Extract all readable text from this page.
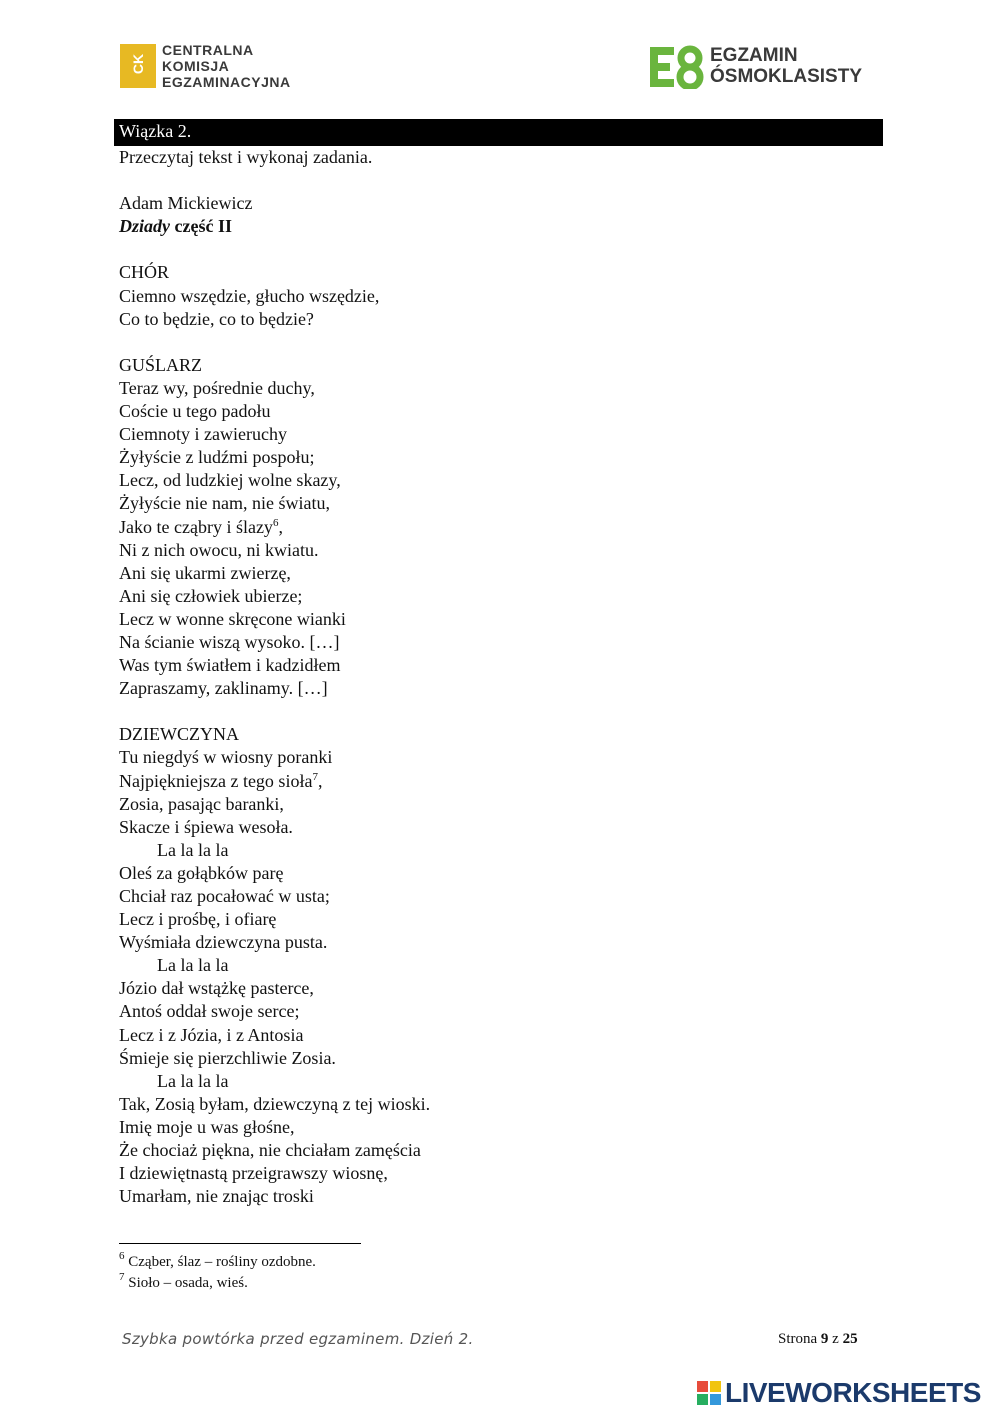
CK
CENTRALNA
KOMISJA
EGZAMINACYJNA
EGZAMIN
ÓSMOKLASISTY
Wiązka 2.
Przeczytaj tekst i wykonaj zadania.
Adam Mickiewicz
Dziady część II
CHÓR
Ciemno wszędzie, głucho wszędzie,
Co to będzie, co to będzie?
GUŚLARZ
Teraz wy, pośrednie duchy,
Coście u tego padołu
Ciemnoty i zawieruchy
Żyłyście z ludźmi pospołu;
Lecz, od ludzkiej wolne skazy,
Żyłyście nie nam, nie światu,
Jako te cząbry i ślazy$^6$,
Ni z nich owocu, ni kwiatu.
Ani się ukarmi zwierzę,
Ani się człowiek ubierze;
Lecz w wonne skręcone wianki
Na ścianie wiszą wysoko. […]
Was tym światłem i kadzidłem
Zapraszamy, zaklinamy. […]
DZIEWCZYNA
Tu niegdyś w wiosny poranki
Najpiękniejsza z tego sioła$^7$,
Zosia, pasając baranki,
Skacze i śpiewa wesoła.
La la la la
Oleś za gołąbków parę
Chciał raz pocałować w usta;
Lecz i prośbę, i ofiarę
Wyśmiała dziewczyna pusta.
La la la la
Józio dał wstążkę pasterce,
Antoś oddał swoje serce;
Lecz i z Józia, i z Antosia
Śmieje się pierzchliwie Zosia.
La la la la
Tak, Zosią byłam, dziewczyną z tej wioski.
Imię moje u was głośne,
Że chociaż piękna, nie chciałam zamęścia
I dziewiętnastą przeigrawszy wiosnę,
Umarłam, nie znając troski
$^6$ Cząber, ślaz – rośliny ozdobne.
$^7$ Sioło – osada, wieś.
Szybka powtórka przed egzaminem. Dzień 2.	Strona 9 z 25
LIVEWORKSHEETS
